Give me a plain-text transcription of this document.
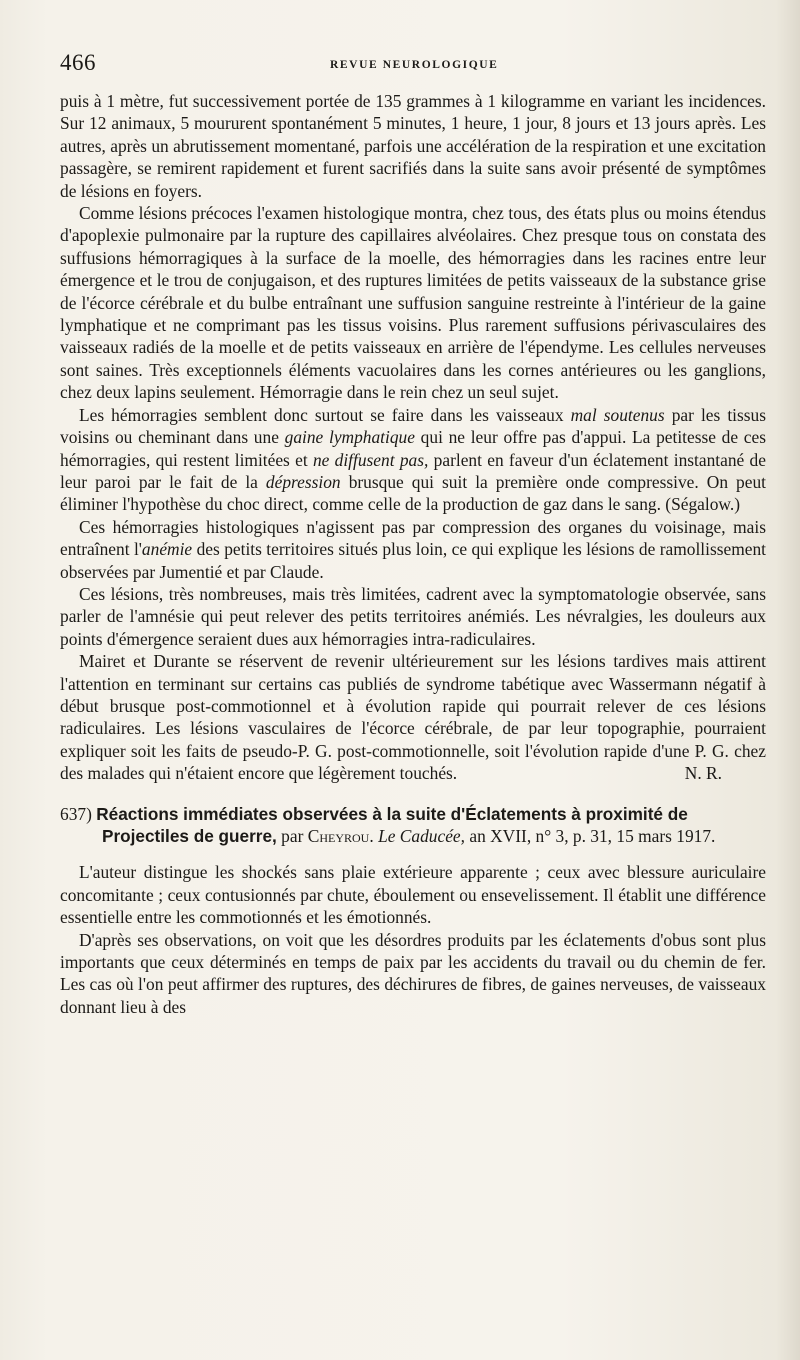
466	REVUE NEUROLOGIQUE

puis à 1 mètre, fut successivement portée de 135 grammes à 1 kilogramme en variant les incidences. Sur 12 animaux, 5 moururent spontanément 5 minutes, 1 heure, 1 jour, 8 jours et 13 jours après. Les autres, après un abrutissement momentané, parfois une accélération de la respiration et une excitation passagère, se remirent rapidement et furent sacrifiés dans la suite sans avoir présenté de symptômes de lésions en foyers.

Comme lésions précoces l'examen histologique montra, chez tous, des états plus ou moins étendus d'apoplexie pulmonaire par la rupture des capillaires alvéolaires. Chez presque tous on constata des suffusions hémorragiques à la surface de la moelle, des hémorragies dans les racines entre leur émergence et le trou de conjugaison, et des ruptures limitées de petits vaisseaux de la substance grise de l'écorce cérébrale et du bulbe entraînant une suffusion sanguine restreinte à l'intérieur de la gaine lymphatique et ne comprimant pas les tissus voisins. Plus rarement suffusions périvasculaires des vaisseaux radiés de la moelle et de petits vaisseaux en arrière de l'épendyme. Les cellules nerveuses sont saines. Très exceptionnels éléments vacuolaires dans les cornes antérieures ou les ganglions, chez deux lapins seulement. Hémorragie dans le rein chez un seul sujet.

Les hémorragies semblent donc surtout se faire dans les vaisseaux mal soutenus par les tissus voisins ou cheminant dans une gaine lymphatique qui ne leur offre pas d'appui. La petitesse de ces hémorragies, qui restent limitées et ne diffusent pas, parlent en faveur d'un éclatement instantané de leur paroi par le fait de la dépression brusque qui suit la première onde compressive. On peut éliminer l'hypothèse du choc direct, comme celle de la production de gaz dans le sang. (Ségalow.)

Ces hémorragies histologiques n'agissent pas par compression des organes du voisinage, mais entraînent l'anémie des petits territoires situés plus loin, ce qui explique les lésions de ramollissement observées par Jumentié et par Claude.

Ces lésions, très nombreuses, mais très limitées, cadrent avec la symptomatologie observée, sans parler de l'amnésie qui peut relever des petits territoires anémiés. Les névralgies, les douleurs aux points d'émergence seraient dues aux hémorragies intra-radiculaires.

Mairet et Durante se réservent de revenir ultérieurement sur les lésions tardives mais attirent l'attention en terminant sur certains cas publiés de syndrome tabétique avec Wassermann négatif à début brusque post-commotionnel et à évolution rapide qui pourrait relever de ces lésions radiculaires. Les lésions vasculaires de l'écorce cérébrale, de par leur topographie, pourraient expliquer soit les faits de pseudo-P. G. post-commotionnelle, soit l'évolution rapide d'une P. G. chez des malades qui n'étaient encore que légèrement touchés.	N. R.

637) Réactions immédiates observées à la suite d'Éclatements à proximité de Projectiles de guerre, par Cheyrou. Le Caducée, an XVII, n° 3, p. 31, 15 mars 1917.

L'auteur distingue les shockés sans plaie extérieure apparente ; ceux avec blessure auriculaire concomitante ; ceux contusionnés par chute, éboulement ou ensevelissement. Il établit une différence essentielle entre les commotionnés et les émotionnés.

D'après ses observations, on voit que les désordres produits par les éclatements d'obus sont plus importants que ceux déterminés en temps de paix par les accidents du travail ou du chemin de fer. Les cas où l'on peut affirmer des ruptures, des déchirures de fibres, de gaines nerveuses, de vaisseaux donnant lieu à des
